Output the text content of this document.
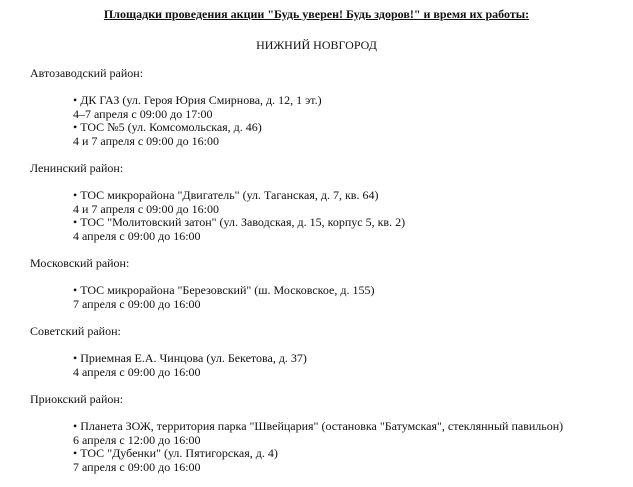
Площадки проведения акции "Будь уверен! Будь здоров!" и время их работы:
НИЖНИЙ НОВГОРОД
Автозаводский район:
• ДК ГАЗ (ул. Героя Юрия Смирнова, д. 12, 1 эт.)
4–7 апреля с 09:00 до 17:00
• ТОС №5 (ул. Комсомольская, д. 46)
4 и 7 апреля с 09:00 до 16:00
Ленинский район:
• ТОС микрорайона "Двигатель" (ул. Таганская, д. 7, кв. 64)
4 и 7 апреля с 09:00 до 16:00
• ТОС "Молитовский затон" (ул. Заводская, д. 15, корпус 5, кв. 2)
4 апреля с 09:00 до 16:00
Московский район:
• ТОС микрорайона "Березовский" (ш. Московское, д. 155)
7 апреля с 09:00 до 16:00
Советский район:
• Приемная Е.А. Чинцова (ул. Бекетова, д. 37)
4 апреля с 09:00 до 16:00
Приокский район:
• Планета ЗОЖ, территория парка "Швейцария" (остановка "Батумская", стеклянный павильон)
6 апреля с 12:00 до 16:00
• ТОС "Дубенки" (ул. Пятигорская, д. 4)
7 апреля с 09:00 до 16:00
